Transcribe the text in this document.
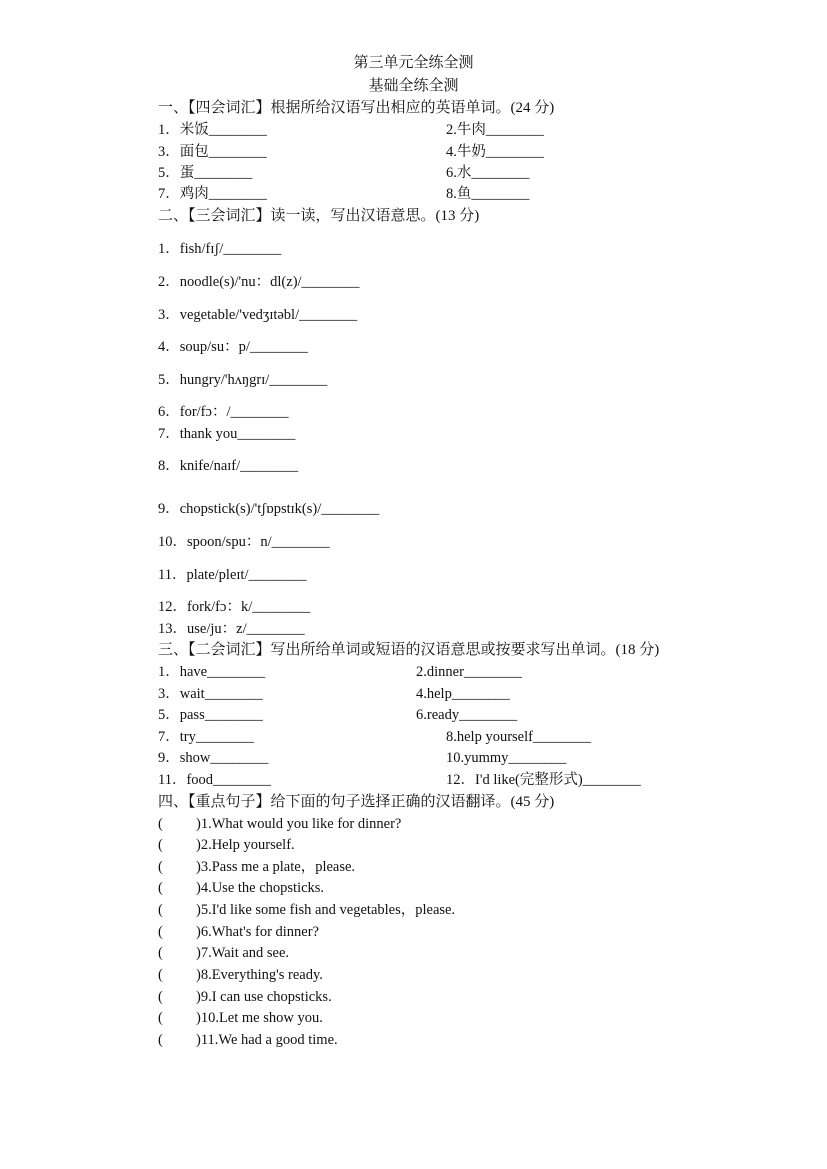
第三单元全练全测
基础全练全测
一、【四会词汇】根据所给汉语写出相应的英语单词。(24 分)
1．米饭________	2.牛肉________
3．面包________	4.牛奶________
5．蛋________	6.水________
7．鸡肉________	8.鱼________
二、【三会词汇】读一读，写出汉语意思。(13 分)
1．fish/fɪʃ/________
2．noodle(s)/'nu：dl(z)/________
3．vegetable/'vedʒɪtəbl/________
4．soup/su：p/________
5．hungry/'hʌŋgrɪ/________
6．for/fɔ：/________
7．thank you________
8．knife/naɪf/________
9．chopstick(s)/'tʃɒpstɪk(s)/________
10．spoon/spu：n/________
11．plate/pleɪt/________
12．fork/fɔ：k/________
13．use/ju：z/________
三、【二会词汇】写出所给单词或短语的汉语意思或按要求写出单词。(18 分)
1．have________	2.dinner________
3．wait________	4.help________
5．pass________	6.ready________
7．try________	8.help yourself________
9．show________	10.yummy________
11．food________	12．I'd like(完整形式)________
四、【重点句子】给下面的句子选择正确的汉语翻译。(45 分)
( )1.What would you like for dinner?
( )2.Help yourself.
( )3.Pass me a plate，please.
( )4.Use the chopsticks.
( )5.I'd like some fish and vegetables，please.
( )6.What's for dinner?
( )7.Wait and see.
( )8.Everything's ready.
( )9.I can use chopsticks.
( )10.Let me show you.
( )11.We had a good time.
